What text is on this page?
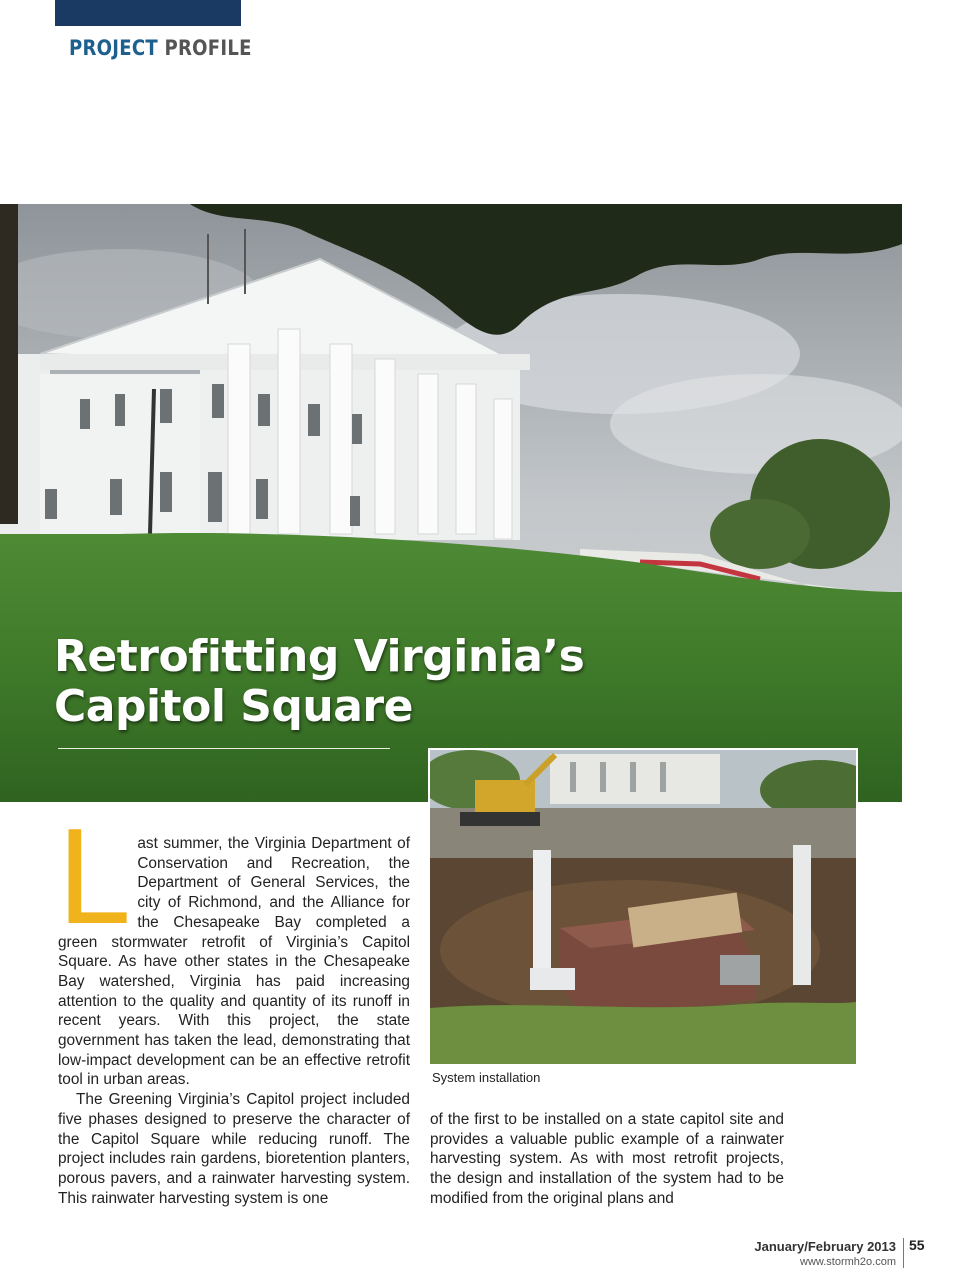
PROJECT PROFILE
Retrofitting Virginia’s
Capitol Square
System installation

Last summer, the Virginia Department of Conservation and Recreation, the Department of General Services, the city of Richmond, and the Alliance for the Chesapeake Bay completed a green stormwater retrofit of Virginia’s Capitol Square. As have other states in the Chesapeake Bay watershed, Virginia has paid increasing attention to the quality and quantity of its runoff in recent years. With this project, the state government has taken the lead, demonstrating that low-impact development can be an effective retrofit tool in urban areas.

The Greening Virginia’s Capitol project included five phases designed to preserve the character of the Capitol Square while reducing runoff. The project includes rain gardens, bioretention planters, porous pavers, and a rainwater harvesting system. This rainwater harvesting system is one

of the first to be installed on a state capitol site and provides a valuable public example of a rainwater harvesting system. As with most retrofit projects, the design and installation of the system had to be modified from the original plans and

January/February 2013 55
www.stormh2o.com
